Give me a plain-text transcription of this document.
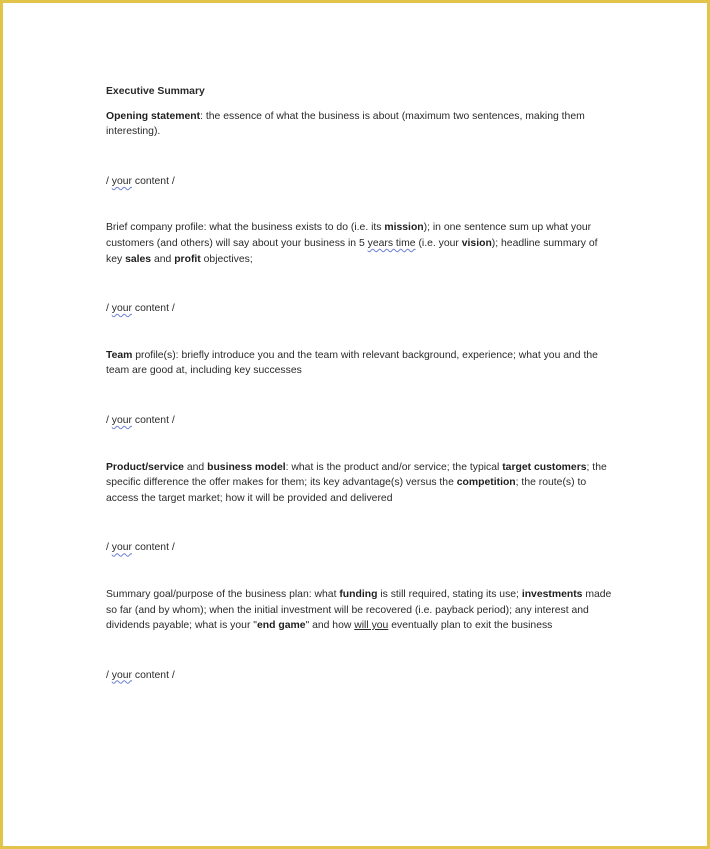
Executive Summary

Opening statement: the essence of what the business is about (maximum two sentences, making them interesting).

/ your content /

Brief company profile: what the business exists to do (i.e. its mission); in one sentence sum up what your customers (and others) will say about your business in 5 years time (i.e. your vision); headline summary of key sales and profit objectives;

/ your content /

Team profile(s): briefly introduce you and the team with relevant background, experience; what you and the team are good at, including key successes

/ your content /

Product/service and business model: what is the product and/or service; the typical target customers; the specific difference the offer makes for them; its key advantage(s) versus the competition; the route(s) to access the target market; how it will be provided and delivered

/ your content /

Summary goal/purpose of the business plan: what funding is still required, stating its use; investments made so far (and by whom); when the initial investment will be recovered (i.e. payback period); any interest and dividends payable; what is your "end game" and how will you eventually plan to exit the business

/ your content /
